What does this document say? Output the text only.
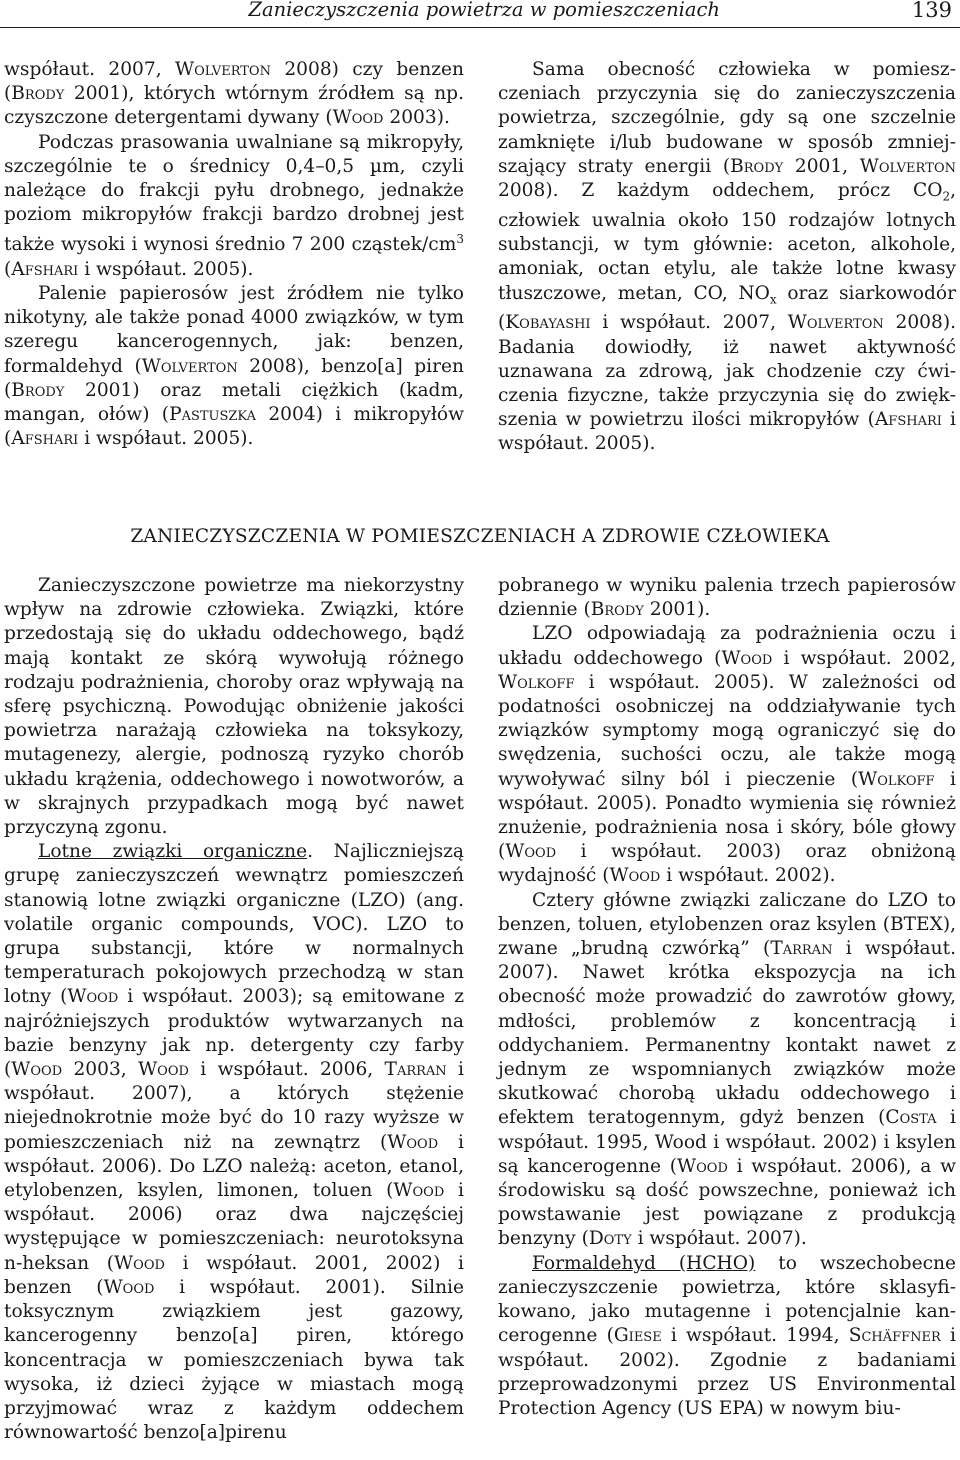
Zanieczyszczenia powietrza w pomieszczeniach	139

współaut. 2007, Wolverton 2008) czy benzen (Brody 2001), których wtórnym źródłem są np. czyszczone detergentami dywany (Wood 2003).

Podczas prasowania uwalniane są mikropyły, szczególnie te o średnicy 0,4–0,5 µm, czyli należące do frakcji pyłu drobnego, jednakże poziom mikropyłów frakcji bardzo drobnej jest także wysoki i wynosi średnio 7 200 cząstek/$cm^3$ (Afshari i współaut. 2005).

Palenie papierosów jest źródłem nie tylko nikotyny, ale także ponad 4000 związków, w tym szeregu kancerogennych, jak: benzen, formaldehyd (Wolverton 2008), benzo[a] piren (Brody 2001) oraz metali ciężkich (kadm, mangan, ołów) (Pastuszka 2004) i mikropyłów (Afshari i współaut. 2005).

Sama obecność człowieka w pomieszczeniach przyczynia się do zanieczyszczenia powietrza, szczególnie, gdy są one szczelnie zamknięte i/lub budowane w sposób zmniejszający straty energii (Brody 2001, Wolverton 2008). Z każdym oddechem, prócz $CO_2$, człowiek uwalnia około 150 rodzajów lotnych substancji, w tym głównie: aceton, alkohole, amoniak, octan etylu, ale także lotne kwasy tłuszczowe, metan, CO, $NO_x$ oraz siarkowodór (Kobayashi i współaut. 2007, Wolverton 2008). Badania dowiodły, iż nawet aktywność uznawana za zdrową, jak chodzenie czy ćwiczenia fizyczne, także przyczynia się do zwiększenia w powietrzu ilości mikropyłów (Afshari i współaut. 2005).

ZANIECZYSZCZENIA W POMIESZCZENIACH A ZDROWIE CZŁOWIEKA

Zanieczyszczone powietrze ma niekorzystny wpływ na zdrowie człowieka. Związki, które przedostają się do układu oddechowego, bądź mają kontakt ze skórą wywołują różnego rodzaju podrażnienia, choroby oraz wpływają na sferę psychiczną. Powodując obniżenie jakości powietrza narażają człowieka na toksykozy, mutagenezy, alergie, podnoszą ryzyko chorób układu krążenia, oddechowego i nowotworów, a w skrajnych przypadkach mogą być nawet przyczyną zgonu.

Lotne związki organiczne. Najliczniejszą grupę zanieczyszczeń wewnątrz pomieszczeń stanowią lotne związki organiczne (LZO) (ang. volatile organic compounds, VOC). LZO to grupa substancji, które w normalnych temperaturach pokojowych przechodzą w stan lotny (Wood i współaut. 2003); są emitowane z najróżniejszych produktów wytwarzanych na bazie benzyny jak np. detergenty czy farby (Wood 2003, Wood i współaut. 2006, Tarran i współaut. 2007), a których stężenie niejednokrotnie może być do 10 razy wyższe w pomieszczeniach niż na zewnątrz (Wood i współaut. 2006). Do LZO należą: aceton, etanol, etylobenzen, ksylen, limonen, toluen (Wood i współaut. 2006) oraz dwa najczęściej występujące w pomieszczeniach: neurotoksyna n-heksan (Wood i współaut. 2001, 2002) i benzen (Wood i współaut. 2001). Silnie toksycznym związkiem jest gazowy, kancerogenny benzo[a] piren, którego koncentracja w pomieszczeniach bywa tak wysoka, iż dzieci żyjące w miastach mogą przyjmować wraz z każdym oddechem równowartość benzo[a]pirenu

pobranego w wyniku palenia trzech papierosów dziennie (Brody 2001).

LZO odpowiadają za podrażnienia oczu i układu oddechowego (Wood i współaut. 2002, Wolkoff i współaut. 2005). W zależności od podatności osobniczej na oddziaływanie tych związków symptomy mogą ograniczyć się do swędzenia, suchości oczu, ale także mogą wywoływać silny ból i pieczenie (Wolkoff i współaut. 2005). Ponadto wymienia się również znużenie, podrażnienia nosa i skóry, bóle głowy (Wood i współaut. 2003) oraz obniżoną wydajność (Wood i współaut. 2002).

Cztery główne związki zaliczane do LZO to benzen, toluen, etylobenzen oraz ksylen (BTEX), zwane „brudną czwórką” (Tarran i współaut. 2007). Nawet krótka ekspozycja na ich obecność może prowadzić do zawrotów głowy, mdłości, problemów z koncentracją i oddychaniem. Permanentny kontakt nawet z jednym ze wspomnianych związków może skutkować chorobą układu oddechowego i efektem teratogennym, gdyż benzen (Costa i współaut. 1995, Wood i współaut. 2002) i ksylen są kancerogenne (Wood i współaut. 2006), a w środowisku są dość powszechne, ponieważ ich powstawanie jest powiązane z produkcją benzyny (Doty i współaut. 2007).

Formaldehyd (HCHO) to wszechobecne zanieczyszczenie powietrza, które sklasyfikowano, jako mutagenne i potencjalnie kancerogenne (Giese i współaut. 1994, Schäffner i współaut. 2002). Zgodnie z badaniami przeprowadzonymi przez US Environmental Protection Agency (US EPA) w nowym biu-
